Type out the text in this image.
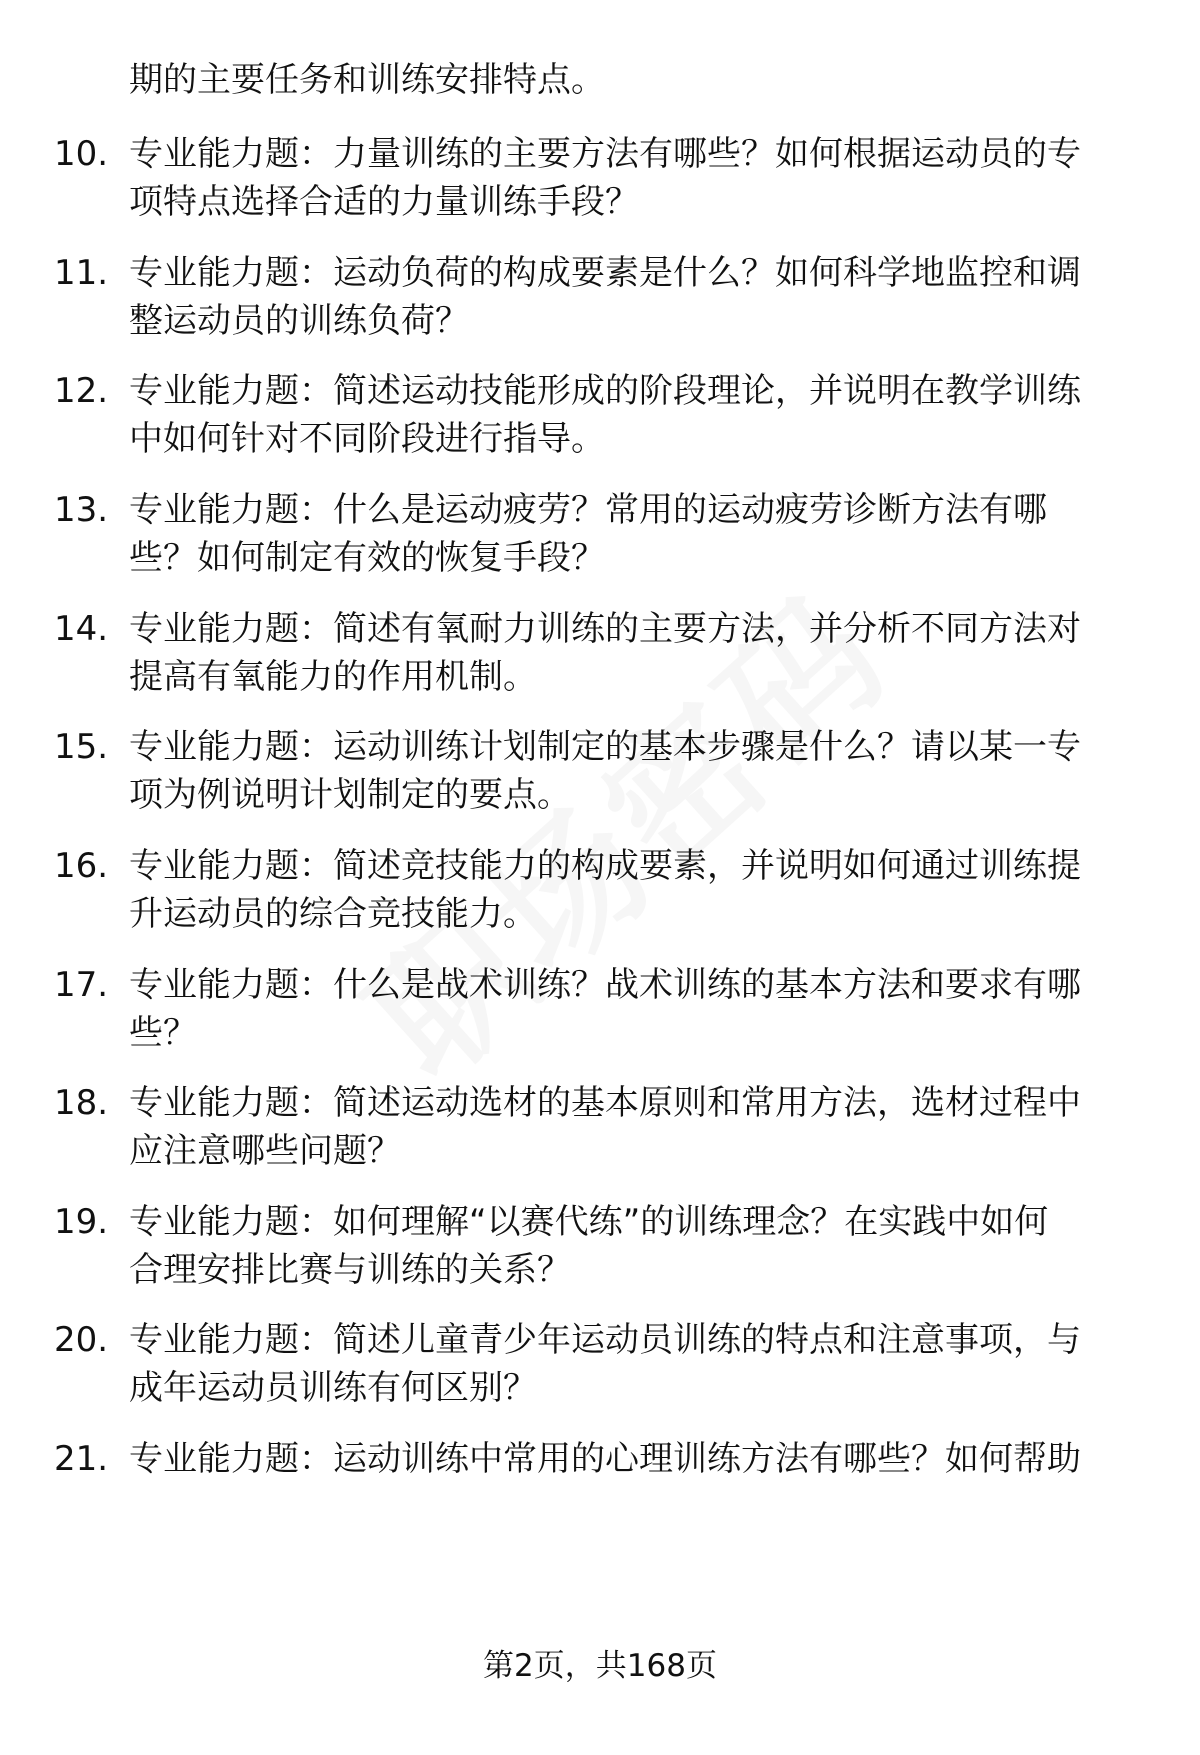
期的主要任务和训练安排特点。
10. 专业能力题：力量训练的主要方法有哪些？如何根据运动员的专
项特点选择合适的力量训练手段？
11. 专业能力题：运动负荷的构成要素是什么？如何科学地监控和调
整运动员的训练负荷？
12. 专业能力题：简述运动技能形成的阶段理论，并说明在教学训练
中如何针对不同阶段进行指导。
13. 专业能力题：什么是运动疲劳？常用的运动疲劳诊断方法有哪
些？如何制定有效的恢复手段？
14. 专业能力题：简述有氧耐力训练的主要方法，并分析不同方法对
提高有氧能力的作用机制。
15. 专业能力题：运动训练计划制定的基本步骤是什么？请以某一专
项为例说明计划制定的要点。
16. 专业能力题：简述竞技能力的构成要素，并说明如何通过训练提
升运动员的综合竞技能力。
17. 专业能力题：什么是战术训练？战术训练的基本方法和要求有哪
些？
18. 专业能力题：简述运动选材的基本原则和常用方法，选材过程中
应注意哪些问题？
19. 专业能力题：如何理解“以赛代练”的训练理念？在实践中如何
合理安排比赛与训练的关系？
20. 专业能力题：简述儿童青少年运动员训练的特点和注意事项，与
成年运动员训练有何区别？
21. 专业能力题：运动训练中常用的心理训练方法有哪些？如何帮助
第2页，共168页
